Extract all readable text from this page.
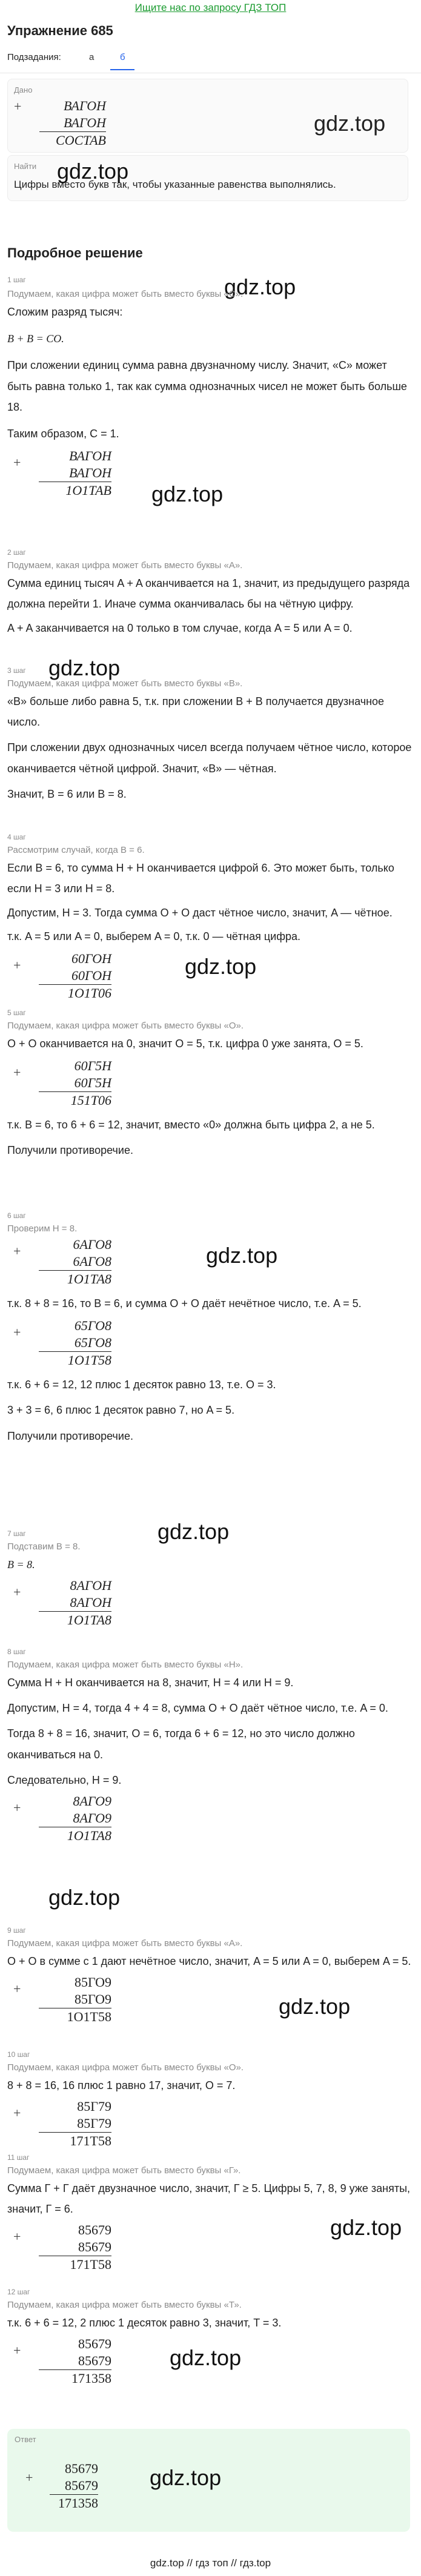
Ищите нас по запросу ГДЗ ТОП
Упражнение 685
Подзадания:	а	б
Дано
+	ВАГОН
ВАГОН
СОСТАВ
gdz.top
Найти
Цифры вместо букв так, чтобы указанные равенства выполнялись.
gdz.top
Подробное решение
gdz.top
1 шаг
Подумаем, какая цифра может быть вместо буквы «С».
Сложим разряд тысяч:
B + B = CO.
При сложении единиц сумма равна двузначному числу. Значит, «С» может быть равна только 1, так как сумма однозначных чисел не может быть больше 18.
Таким образом, C = 1.
+	ВАГОН
ВАГОН
1О1ТАВ gdz.top
2 шаг
Подумаем, какая цифра может быть вместо буквы «А».
Сумма единиц тысяч A + A оканчивается на 1, значит, из предыдущего разряда должна перейти 1. Иначе сумма оканчивалась бы на чётную цифру.
A + A заканчивается на 0 только в том случае, когда A = 5 или A = 0.
gdz.top
3 шаг
Подумаем, какая цифра может быть вместо буквы «В».
«В» больше либо равна 5, т.к. при сложении B + B получается двузначное число.
При сложении двух однозначных чисел всегда получаем чётное число, которое оканчивается чётной цифрой. Значит, «В» — чётная.
Значит, B = 6 или B = 8.
4 шаг
Рассмотрим случай, когда B = 6.
Если B = 6, то сумма H + H оканчивается цифрой 6. Это может быть, только если H = 3 или H = 8.
Допустим, H = 3. Тогда сумма O + O даст чётное число, значит, A — чётное.
т.к. A = 5 или A = 0, выберем A = 0, т.к. 0 — чётная цифра.
+	60ГОН
60ГОН
1О1Т06
gdz.top
5 шаг
Подумаем, какая цифра может быть вместо буквы «О».
O + O оканчивается на 0, значит O = 5, т.к. цифра 0 уже занята, O = 5.
+	60Г5Н
60Г5Н
151Т06
т.к. B = 6, то 6 + 6 = 12, значит, вместо «0» должна быть цифра 2, а не 5.
Получили противоречие.
6 шаг
Проверим H = 8.
+	6АГО8
6АГО8
1О1ТА8
т.к. 8 + 8 = 16, то B = 6, и сумма O + O даёт нечётное число, т.е. A = 5.
+	65ГО8
65ГО8
1О1Т58
т.к. 6 + 6 = 12, 12 плюс 1 десяток равно 13, т.е. O = 3.
3 + 3 = 6, 6 плюс 1 десяток равно 7, но A = 5.
Получили противоречие.
gdz.top
7 шаг
Подставим B = 8.
B = 8.
+	8АГОН
8АГОН
1О1ТА8
gdz.top
8 шаг
Подумаем, какая цифра может быть вместо буквы «Н».
Сумма H + H оканчивается на 8, значит, H = 4 или H = 9.
Допустим, H = 4, тогда 4 + 4 = 8, сумма O + O даёт чётное число, т.е. A = 0.
Тогда 8 + 8 = 16, значит, O = 6, тогда 6 + 6 = 12, но это число должно оканчиваться на 0.
Следовательно, H = 9.
+	8АГО9
8АГО9
1О1ТА8
gdz.top
9 шаг
Подумаем, какая цифра может быть вместо буквы «А».
O + O в сумме с 1 дают нечётное число, значит, A = 5 или A = 0, выберем A = 5.
+	85ГО9
85ГО9
1О1Т58	gdz.top
10 шаг
Подумаем, какая цифра может быть вместо буквы «О».
8 + 8 = 16, 16 плюс 1 равно 17, значит, O = 7.
+	85Г79
85Г79
171Т58
11 шаг
Подумаем, какая цифра может быть вместо буквы «Г».
Сумма Г + Г даёт двузначное число, значит, Г ≥ 5. Цифры 5, 7, 8, 9 уже заняты, значит, Г = 6.
+	85679
85679
171Т58
gdz.top
12 шаг
Подумаем, какая цифра может быть вместо буквы «Т».
т.к. 6 + 6 = 12, 2 плюс 1 десяток равно 3, значит, T = 3.
+	85679
85679
171358
gdz.top
Ответ
+
85679
85679
171358
gdz.top
gdz.top // гдз топ // гдз.top
